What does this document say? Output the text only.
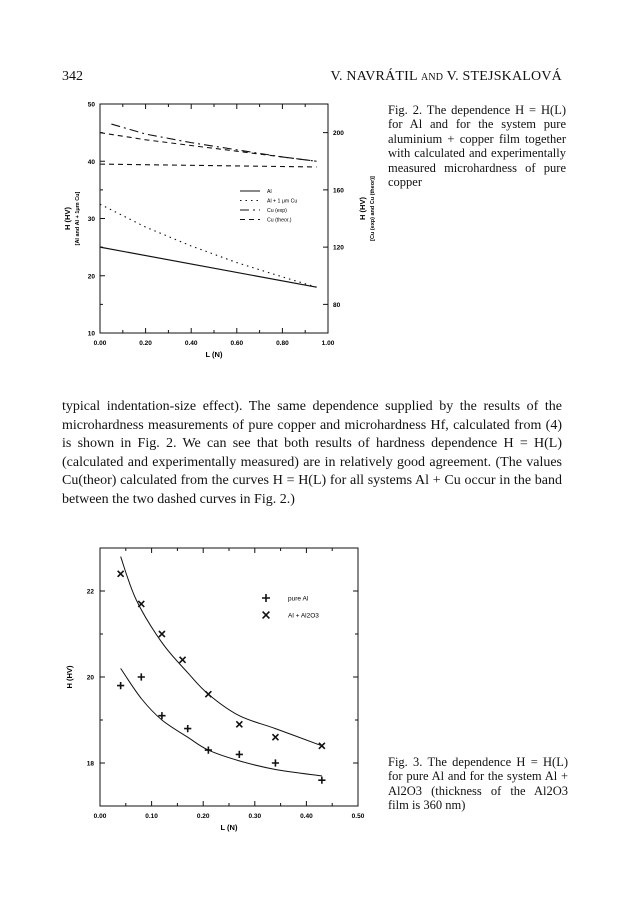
342	V. NAVRÁTIL and V. STEJSKALOVÁ
0.00	0.20	0.40	0.60	0.80	1.00
10
20
30
40
50
80
120
160
200
L (N)
H (HV) [Al and Al + 1μm Cu]	H (HV) [Cu (exp) and Cu (theor)]
Al
Al + 1 μm Cu
Cu (exp)
Cu (theor.)
0.00	0.10	0.20	0.30	0.40	0.50
18
20
22
L (N)
H (HV)
pure Al
Al + Al2O3
Fig. 2. The dependence H = H(L) for Al and for the system pure aluminium + copper film together with calculated and experimentally measured microhardness of pure copper
typical indentation-size effect). The same dependence supplied by the results of the microhardness measurements of pure copper and microhardness Hf, calculated from (4) is shown in Fig. 2. We can see that both results of hardness dependence H = H(L) (calculated and experimentally measured) are in relatively good agreement. (The values Cu(theor) calculated from the curves H = H(L) for all systems Al + Cu occur in the band between the two dashed curves in Fig. 2.)
Fig. 3. The dependence H = H(L) for pure Al and for the system Al + Al2O3 (thickness of the Al2O3 film is 360 nm)
